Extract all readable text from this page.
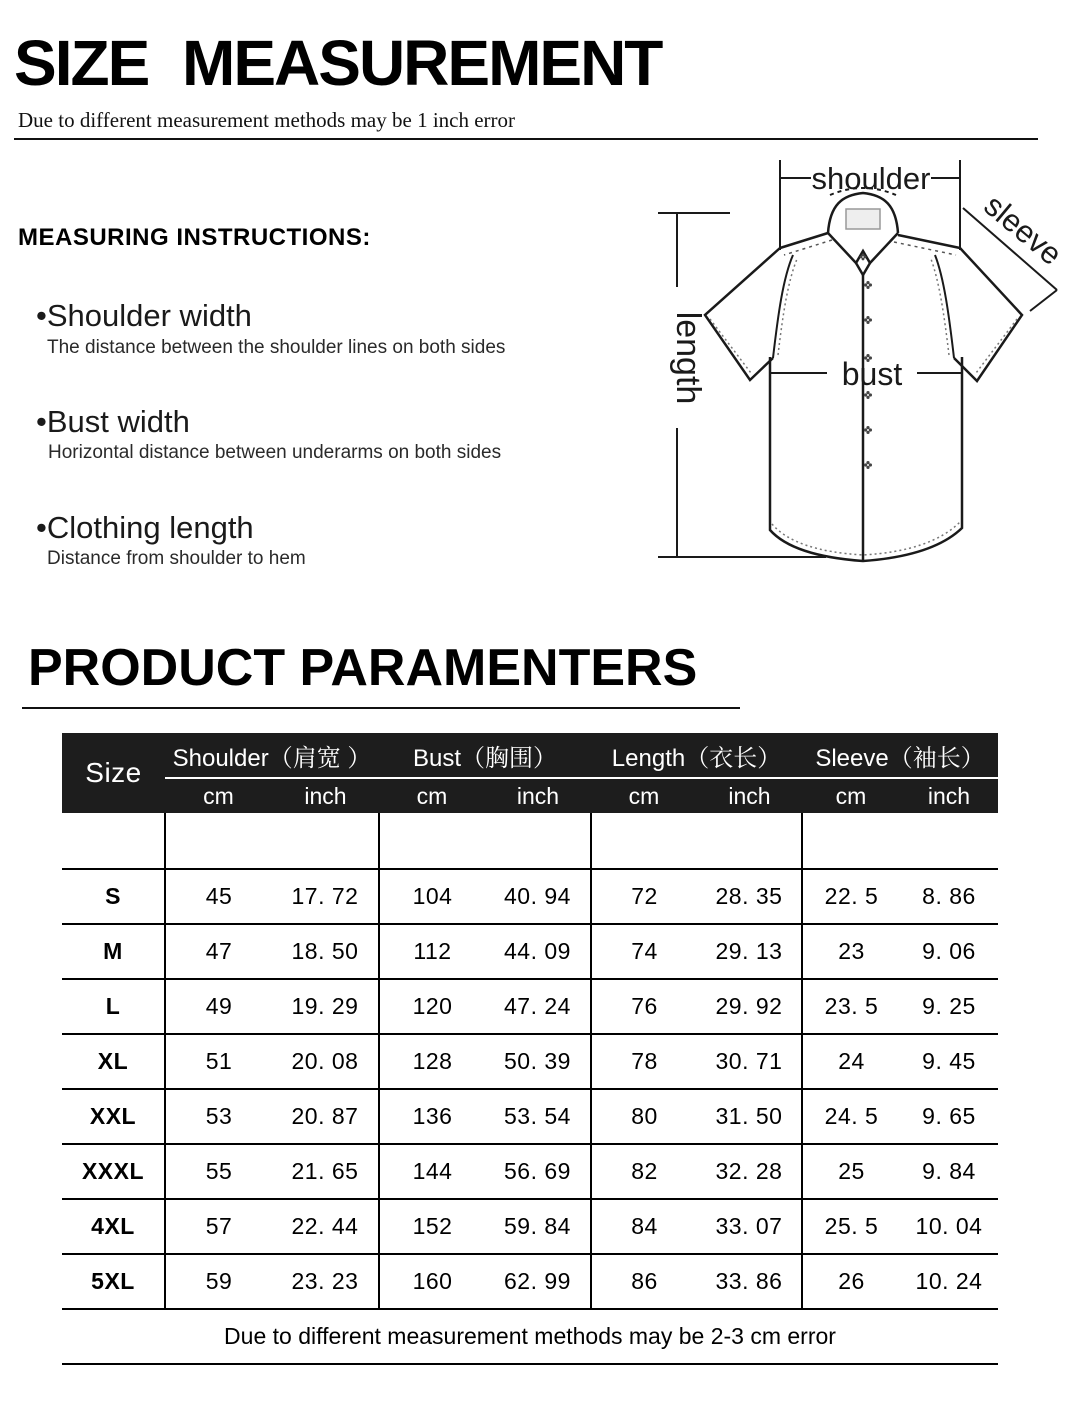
SIZE MEASUREMENT
Due to different measurement methods may be 1 inch error
MEASURING INSTRUCTIONS:
•Shoulder width
The distance between the shoulder lines on both sides
•Bust width
Horizontal distance between underarms on both sides
•Clothing length
Distance from shoulder to hem
shoulder
bust
length
sleeve
PRODUCT PARAMENTERS
Size	Shoulder（肩宽 ）		Bust（胸围）		Length（衣长）		Sleeve（袖长）	
	cm	inch	cm	inch	cm	inch	cm	inch

S	45	17. 72	104	40. 94	72	28. 35	22. 5	8. 86
M	47	18. 50	112	44. 09	74	29. 13	23	9. 06
L	49	19. 29	120	47. 24	76	29. 92	23. 5	9. 25
XL	51	20. 08	128	50. 39	78	30. 71	24	9. 45
XXL	53	20. 87	136	53. 54	80	31. 50	24. 5	9. 65
XXXL	55	21. 65	144	56. 69	82	32. 28	25	9. 84
4XL	57	22. 44	152	59. 84	84	33. 07	25. 5	10. 04
5XL	59	23. 23	160	62. 99	86	33. 86	26	10. 24
Due to different measurement methods may be 2-3 cm error
